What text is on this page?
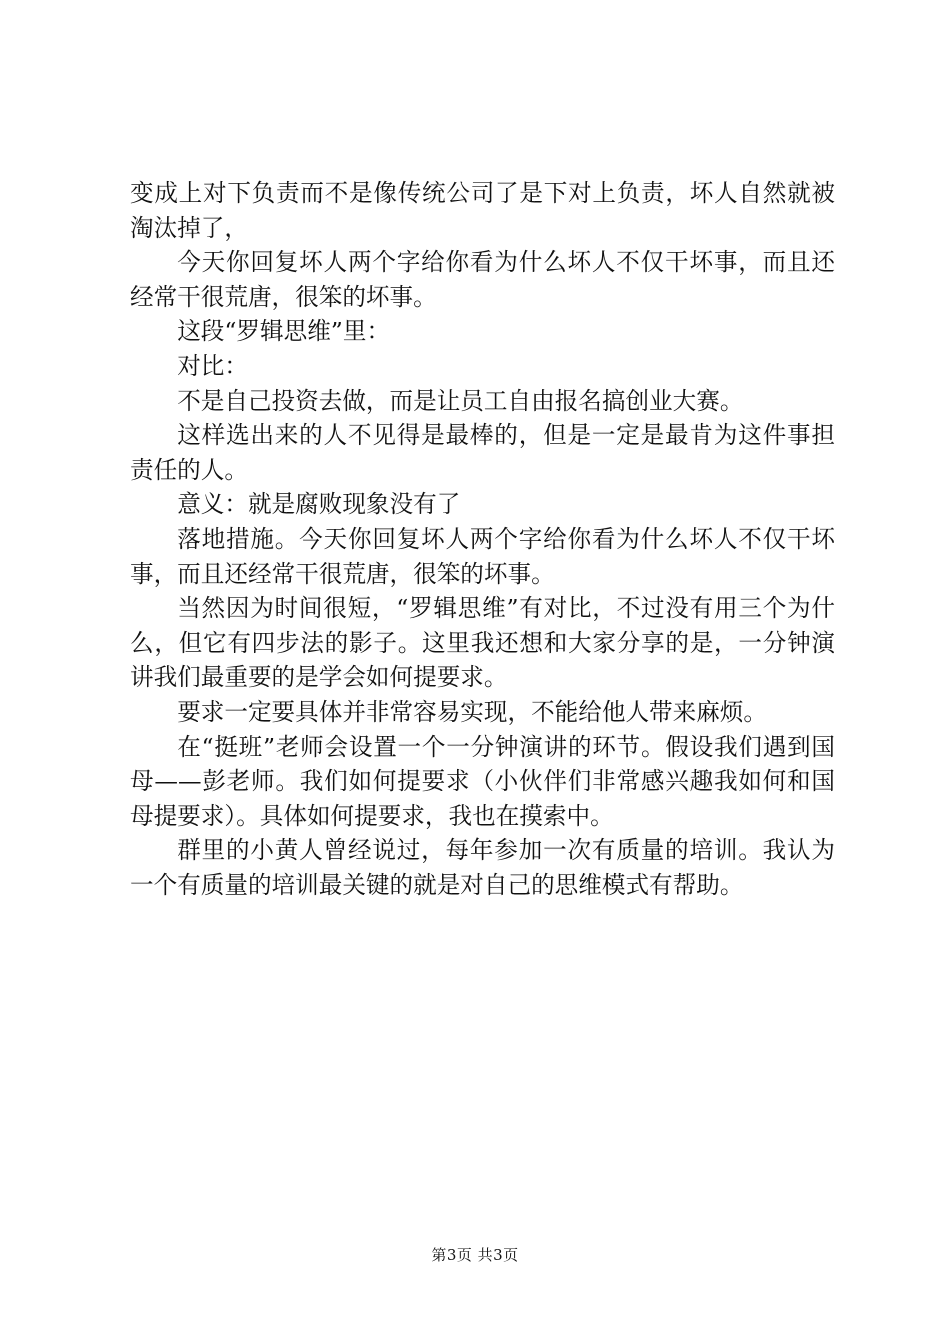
变成上对下负责而不是像传统公司了是下对上负责，坏人自然就被淘汰掉了，

今天你回复坏人两个字给你看为什么坏人不仅干坏事，而且还经常干很荒唐，很笨的坏事。

这段“罗辑思维”里：

对比：

不是自己投资去做，而是让员工自由报名搞创业大赛。

这样选出来的人不见得是最棒的，但是一定是最肯为这件事担责任的人。

意义：就是腐败现象没有了

落地措施。今天你回复坏人两个字给你看为什么坏人不仅干坏事，而且还经常干很荒唐，很笨的坏事。

当然因为时间很短，“罗辑思维”有对比，不过没有用三个为什么，但它有四步法的影子。这里我还想和大家分享的是，一分钟演讲我们最重要的是学会如何提要求。

要求一定要具体并非常容易实现，不能给他人带来麻烦。

在“挺班”老师会设置一个一分钟演讲的环节。假设我们遇到国母——彭老师。我们如何提要求（小伙伴们非常感兴趣我如何和国母提要求）。具体如何提要求，我也在摸索中。

群里的小黄人曾经说过，每年参加一次有质量的培训。我认为一个有质量的培训最关键的就是对自己的思维模式有帮助。

第3页 共3页
